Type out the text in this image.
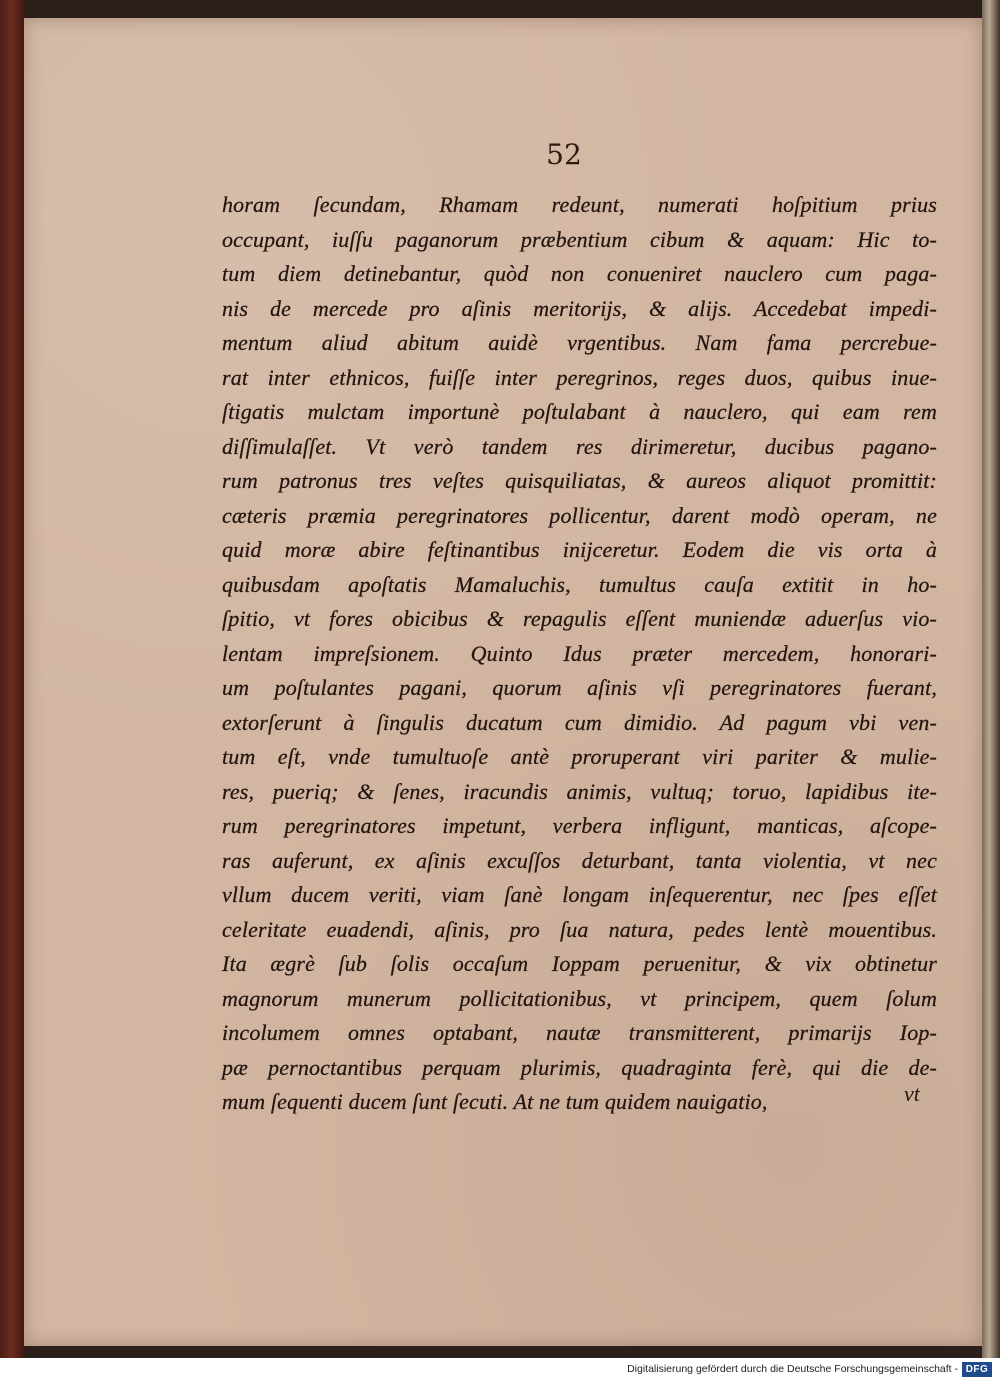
52
horam ſecundam, Rhamam redeunt, numerati hoſpitium prius
occupant, iuſſu paganorum præbentium cibum & aquam: Hic to-
tum diem detinebantur, quòd non conueniret nauclero cum paga-
nis de mercede pro aſinis meritorijs, & alijs. Accedebat impedi-
mentum aliud abitum auidè vrgentibus. Nam fama percrebue-
rat inter ethnicos, fuiſſe inter peregrinos, reges duos, quibus inue-
ſtigatis mulctam importunè poſtulabant à nauclero, qui eam rem
diſſimulaſſet. Vt verò tandem res dirimeretur, ducibus pagano-
rum patronus tres veſtes quisquiliatas, & aureos aliquot promittit:
cæteris præmia peregrinatores pollicentur, darent modò operam, ne
quid moræ abire feſtinantibus inijceretur. Eodem die vis orta à
quibusdam apoſtatis Mamaluchis, tumultus cauſa extitit in ho-
ſpitio, vt fores obicibus & repagulis eſſent muniendæ aduerſus vio-
lentam impreſsionem. Quinto Idus præter mercedem, honorari-
um poſtulantes pagani, quorum aſinis vſi peregrinatores fuerant,
extorſerunt à ſingulis ducatum cum dimidio. Ad pagum vbi ven-
tum eſt, vnde tumultuoſe antè proruperant viri pariter & mulie-
res, pueriq; & ſenes, iracundis animis, vultuq; toruo, lapidibus ite-
rum peregrinatores impetunt, verbera infligunt, manticas, aſcope-
ras auferunt, ex aſinis excuſſos deturbant, tanta violentia, vt nec
vllum ducem veriti, viam ſanè longam inſequerentur, nec ſpes eſſet
celeritate euadendi, aſinis, pro ſua natura, pedes lentè mouentibus.
Ita ægrè ſub ſolis occaſum Ioppam peruenitur, & vix obtinetur
magnorum munerum pollicitationibus, vt principem, quem ſolum
incolumem omnes optabant, nautæ transmitterent, primarijs Iop-
pæ pernoctantibus perquam plurimis, quadraginta ferè, qui die de-
mum ſequenti ducem ſunt ſecuti. At ne tum quidem nauigatio,	vt
Digitalisierung gefördert durch die Deutsche Forschungsgemeinschaft - DFG
